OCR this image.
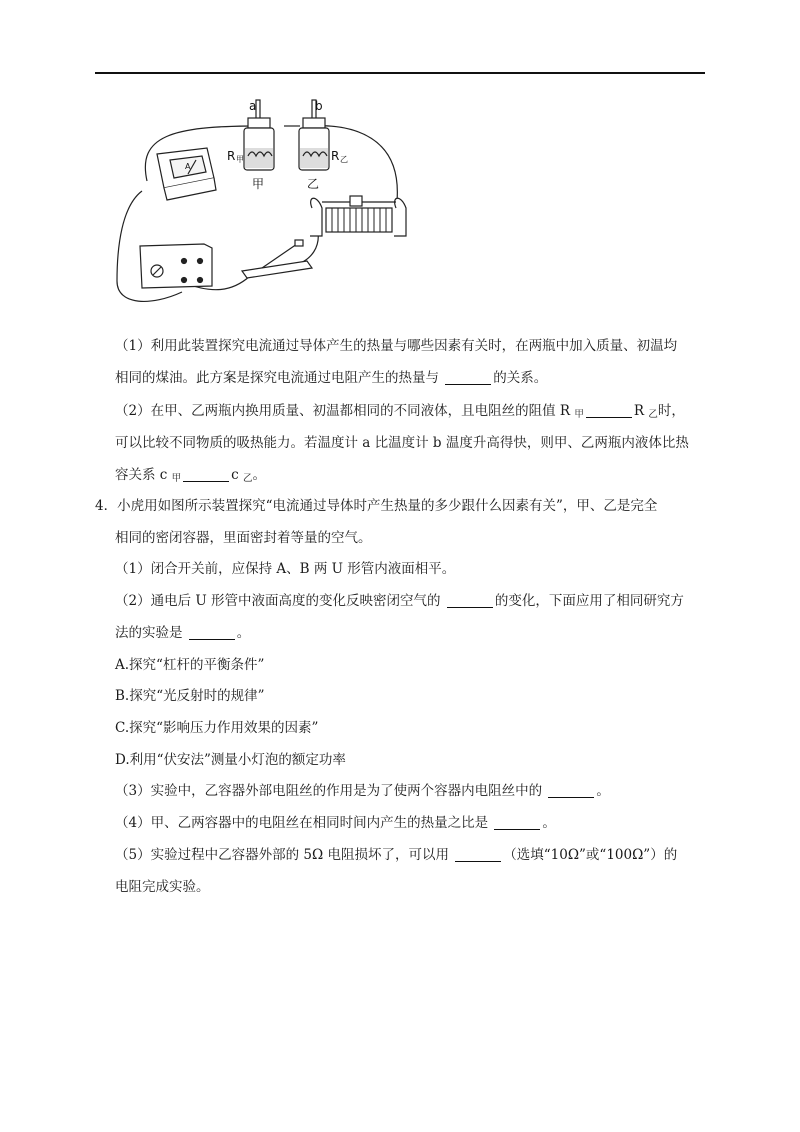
a	b
R 甲	R 乙
甲	乙
A
（1）利用此装置探究电流通过导体产生的热量与哪些因素有关时，在两瓶中加入质量、初温均
相同的煤油。此方案是探究电流通过电阻产生的热量与	的关系。
（2）在甲、乙两瓶内换用质量、初温都相同的不同液体，且电阻丝的阻值 R $_甲$	R $_乙$时，
可以比较不同物质的吸热能力。若温度计 a 比温度计 b 温度升高得快，则甲、乙两瓶内液体比热
容关系 c $_甲$	c $_乙$。
4．小虎用如图所示装置探究“电流通过导体时产生热量的多少跟什么因素有关”，甲、乙是完全
相同的密闭容器，里面密封着等量的空气。
（1）闭合开关前，应保持 A、B 两 U 形管内液面相平。
（2）通电后 U 形管中液面高度的变化反映密闭空气的	的变化，下面应用了相同研究方
法的实验是	。
A.探究“杠杆的平衡条件”
B.探究“光反射时的规律”
C.探究“影响压力作用效果的因素”
D.利用“伏安法”测量小灯泡的额定功率
（3）实验中，乙容器外部电阻丝的作用是为了使两个容器内电阻丝中的	。
（4）甲、乙两容器中的电阻丝在相同时间内产生的热量之比是	。
（5）实验过程中乙容器外部的 5Ω 电阻损坏了，可以用	（选填“10Ω”或“100Ω”）的
电阻完成实验。
